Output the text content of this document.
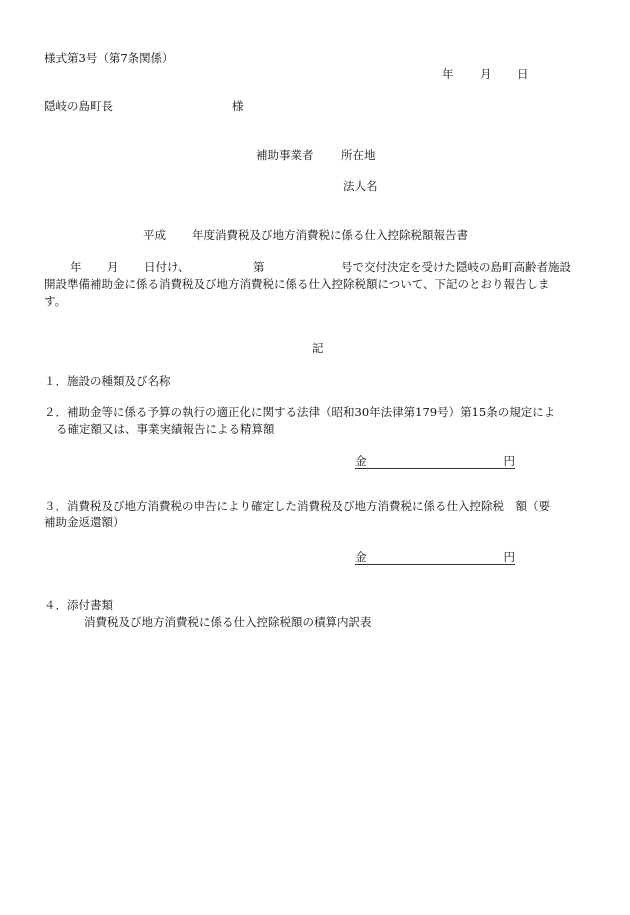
様式第3号（第7条関係）
年 月 日
隠岐の島町長	様
補助事業者 所在地
法人名
平成 年度消費税及び地方消費税に係る仕入控除税額報告書
年 月 日付け、	第	号で交付決定を受けた隠岐の島町高齢者施設
開設準備補助金に係る消費税及び地方消費税に係る仕入控除税額について、下記のとおり報告しま
す。
記
１．施設の種類及び名称
２．補助金等に係る予算の執行の適正化に関する法律（昭和30年法律第179号）第15条の規定によ
る確定額又は、事業実績報告による精算額
金	円
３．消費税及び地方消費税の申告により確定した消費税及び地方消費税に係る仕入控除税　額（要
補助金返還額）
金	円
４．添付書類
消費税及び地方消費税に係る仕入控除税額の積算内訳表
